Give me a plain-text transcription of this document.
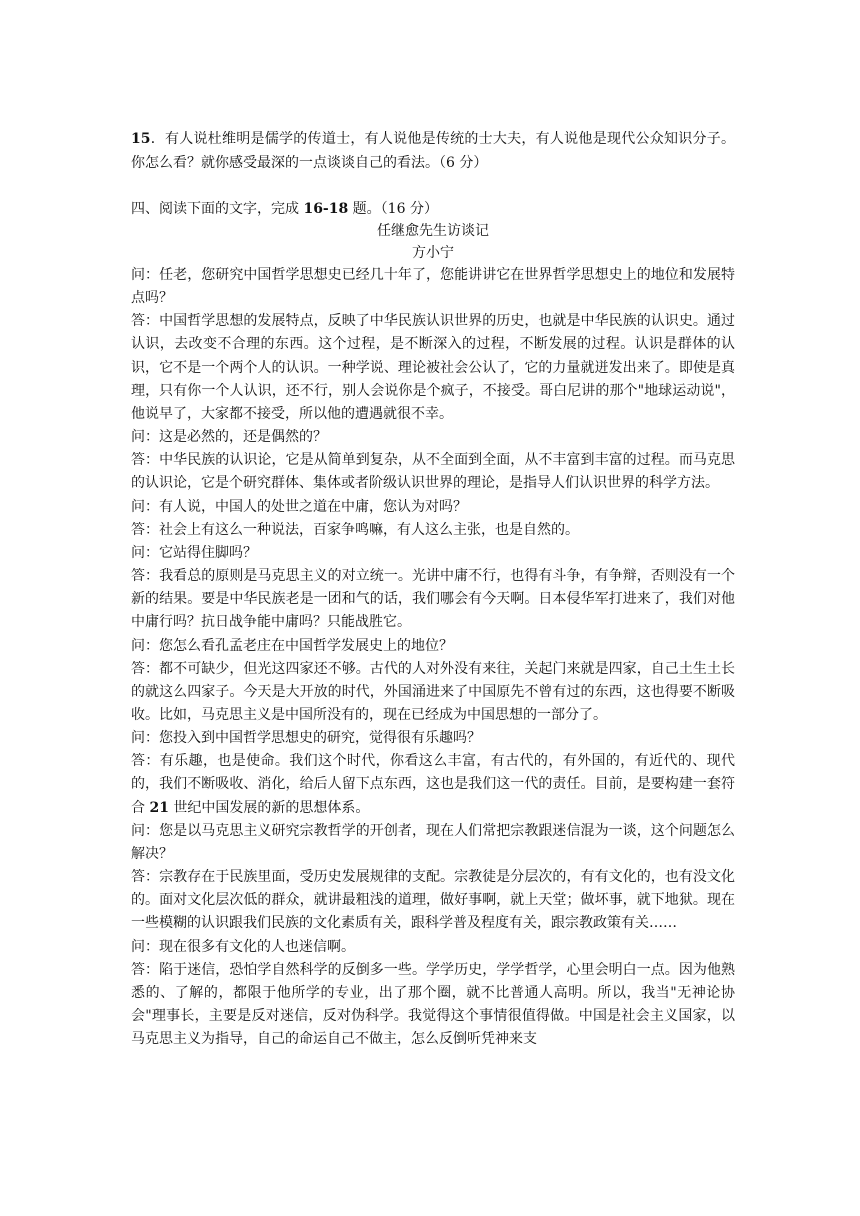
15．有人说杜维明是儒学的传道士，有人说他是传统的士大夫，有人说他是现代公众知识分子。你怎么看？就你感受最深的一点谈谈自己的看法。（6 分）
四、阅读下面的文字，完成 16-18 题。（16 分）
任继愈先生访谈记
方小宁

问：任老，您研究中国哲学思想史已经几十年了，您能讲讲它在世界哲学思想史上的地位和发展特点吗？

答：中国哲学思想的发展特点，反映了中华民族认识世界的历史，也就是中华民族的认识史。通过认识，去改变不合理的东西。这个过程，是不断深入的过程，不断发展的过程。认识是群体的认识，它不是一个两个人的认识。一种学说、理论被社会公认了，它的力量就迸发出来了。即使是真理，只有你一个人认识，还不行，别人会说你是个疯子，不接受。哥白尼讲的那个"地球运动说"，他说早了，大家都不接受，所以他的遭遇就很不幸。

问：这是必然的，还是偶然的？

答：中华民族的认识论，它是从简单到复杂，从不全面到全面，从不丰富到丰富的过程。而马克思的认识论，它是个研究群体、集体或者阶级认识世界的理论，是指导人们认识世界的科学方法。

问：有人说，中国人的处世之道在中庸，您认为对吗？

答：社会上有这么一种说法，百家争鸣嘛，有人这么主张，也是自然的。

问：它站得住脚吗？

答：我看总的原则是马克思主义的对立统一。光讲中庸不行，也得有斗争，有争辩，否则没有一个新的结果。要是中华民族老是一团和气的话，我们哪会有今天啊。日本侵华军打进来了，我们对他中庸行吗？抗日战争能中庸吗？只能战胜它。

问：您怎么看孔孟老庄在中国哲学发展史上的地位？

答：都不可缺少，但光这四家还不够。古代的人对外没有来往，关起门来就是四家，自己土生土长的就这么四家子。今天是大开放的时代，外国涌进来了中国原先不曾有过的东西，这也得要不断吸收。比如，马克思主义是中国所没有的，现在已经成为中国思想的一部分了。

问：您投入到中国哲学思想史的研究，觉得很有乐趣吗？

答：有乐趣，也是使命。我们这个时代，你看这么丰富，有古代的，有外国的，有近代的、现代的，我们不断吸收、消化，给后人留下点东西，这也是我们这一代的责任。目前，是要构建一套符合 21 世纪中国发展的新的思想体系。

问：您是以马克思主义研究宗教哲学的开创者，现在人们常把宗教跟迷信混为一谈，这个问题怎么解决？

答：宗教存在于民族里面，受历史发展规律的支配。宗教徒是分层次的，有有文化的，也有没文化的。面对文化层次低的群众，就讲最粗浅的道理，做好事啊，就上天堂；做坏事，就下地狱。现在一些模糊的认识跟我们民族的文化素质有关，跟科学普及程度有关，跟宗教政策有关……

问：现在很多有文化的人也迷信啊。

答：陷于迷信，恐怕学自然科学的反倒多一些。学学历史，学学哲学，心里会明白一点。因为他熟悉的、了解的，都限于他所学的专业，出了那个圈，就不比普通人高明。所以，我当"无神论协会"理事长，主要是反对迷信，反对伪科学。我觉得这个事情很值得做。中国是社会主义国家，以马克思主义为指导，自己的命运自己不做主，怎么反倒听凭神来支
